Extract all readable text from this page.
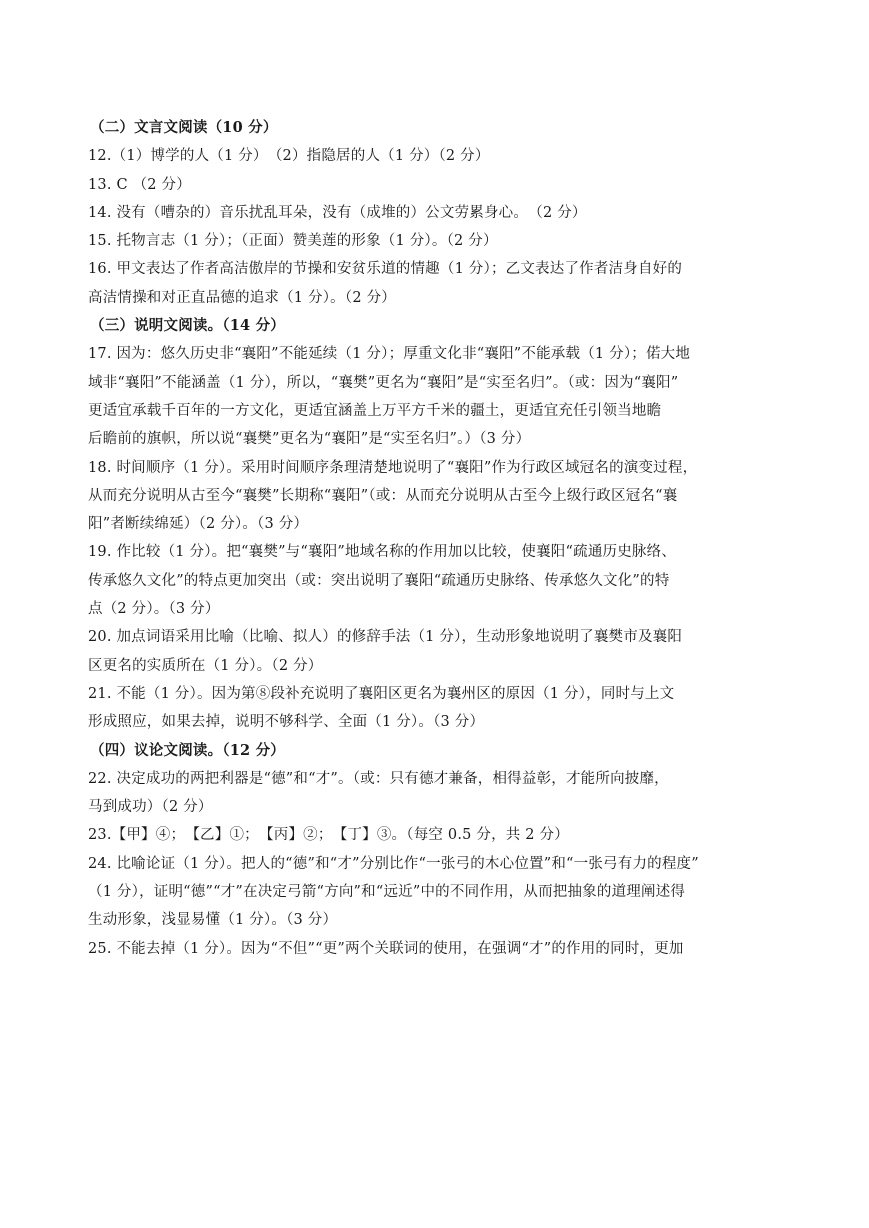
（二）文言文阅读（10 分）
12.（1）博学的人（1 分）　（2）指隐居的人（1 分）（2 分）
13. C （2 分）
14. 没有（嘈杂的）音乐扰乱耳朵，没有（成堆的）公文劳累身心。　（2 分）
15. 托物言志（1 分）；（正面）赞美莲的形象（1 分）。（2 分）
16. 甲文表达了作者高洁傲岸的节操和安贫乐道的情趣（1 分）；乙文表达了作者洁身自好的
高洁情操和对正直品德的追求（1 分）。（2 分）
（三）说明文阅读。（14 分）
17. 因为：悠久历史非“襄阳”不能延续（1 分）；厚重文化非“襄阳”不能承载（1 分）；偌大地
域非“襄阳”不能涵盖（1 分），所以，“襄樊”更名为“襄阳”是“实至名归”。（或：因为“襄阳”
更适宜承载千百年的一方文化，更适宜涵盖上万平方千米的疆土，更适宜充任引领当地瞻
后瞻前的旗帜，所以说“襄樊”更名为“襄阳”是“实至名归”。）（3 分）
18. 时间顺序（1 分）。采用时间顺序条理清楚地说明了“襄阳”作为行政区域冠名的演变过程，
从而充分说明从古至今“襄樊”长期称“襄阳”（或：从而充分说明从古至今上级行政区冠名“襄
阳”者断续绵延）（2 分）。（3 分）
19. 作比较（1 分）。把“襄樊”与“襄阳”地域名称的作用加以比较，使襄阳“疏通历史脉络、
传承悠久文化”的特点更加突出（或：突出说明了襄阳“疏通历史脉络、传承悠久文化”的特
点（2 分）。（3 分）
20. 加点词语采用比喻（比喻、拟人）的修辞手法（1 分），生动形象地说明了襄樊市及襄阳
区更名的实质所在（1 分）。（2 分）
21. 不能（1 分）。因为第⑧段补充说明了襄阳区更名为襄州区的原因（1 分），同时与上文
形成照应，如果去掉，说明不够科学、全面（1 分）。（3 分）
（四）议论文阅读。（12 分）
22. 决定成功的两把利器是“德”和“才”。（或：只有德才兼备，相得益彰，才能所向披靡，
马到成功）（2 分）
23.【甲】④；　【乙】①；　【丙】②；　【丁】③。（每空 0.5 分，共 2 分）
24. 比喻论证（1 分）。把人的“德”和“才”分别比作“一张弓的木心位置”和“一张弓有力的程度”
（1 分），证明“德”“才”在决定弓箭“方向”和“远近”中的不同作用，从而把抽象的道理阐述得
生动形象，浅显易懂（1 分）。（3 分）
25. 不能去掉（1 分）。因为“不但”“更”两个关联词的使用，在强调“才”的作用的同时，更加
